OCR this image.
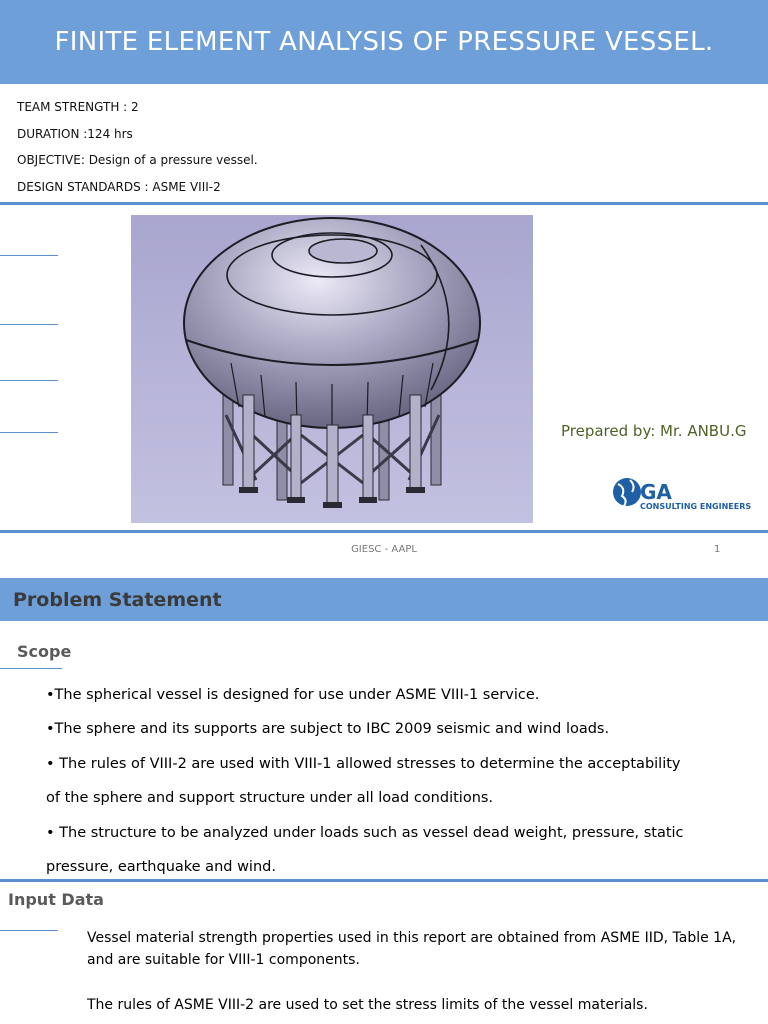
FINITE ELEMENT ANALYSIS OF PRESSURE VESSEL.
TEAM STRENGTH : 2
DURATION :124 hrs
OBJECTIVE: Design of a pressure vessel.
DESIGN STANDARDS : ASME VIII-2
Prepared by: Mr. ANBU.G
GA
CONSULTING ENGINEERS
GIESC - AAPL	1
Problem Statement
Scope
•The spherical vessel is designed for use under ASME VIII-1 service.
•The sphere and its supports are subject to IBC 2009 seismic and wind loads.
• The rules of VIII-2 are used with VIII-1 allowed stresses to determine the acceptability
of the sphere and support structure under all load conditions.
• The structure to be analyzed under loads such as vessel dead weight, pressure, static
pressure, earthquake and wind.
Input Data
Vessel material strength properties used in this report are obtained from ASME IID, Table 1A, and are suitable for VIII-1 components.
The rules of ASME VIII-2 are used to set the stress limits of the vessel materials.
